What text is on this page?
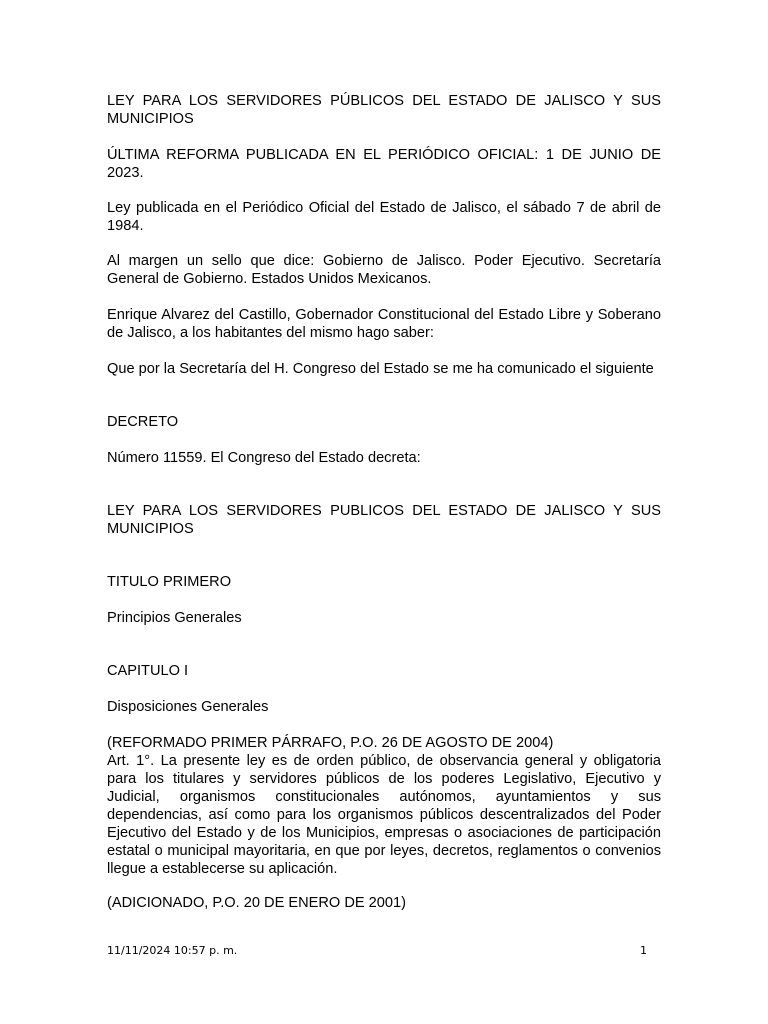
LEY PARA LOS SERVIDORES PÚBLICOS DEL ESTADO DE JALISCO Y SUS MUNICIPIOS

ÚLTIMA REFORMA PUBLICADA EN EL PERIÓDICO OFICIAL: 1 DE JUNIO DE 2023.

Ley publicada en el Periódico Oficial del Estado de Jalisco, el sábado 7 de abril de 1984.

Al margen un sello que dice: Gobierno de Jalisco. Poder Ejecutivo. Secretaría General de Gobierno. Estados Unidos Mexicanos.

Enrique Alvarez del Castillo, Gobernador Constitucional del Estado Libre y Soberano de Jalisco, a los habitantes del mismo hago saber:

Que por la Secretaría del H. Congreso del Estado se me ha comunicado el siguiente

DECRETO

Número 11559. El Congreso del Estado decreta:

LEY PARA LOS SERVIDORES PUBLICOS DEL ESTADO DE JALISCO Y SUS MUNICIPIOS

TITULO PRIMERO

Principios Generales

CAPITULO I

Disposiciones Generales

(REFORMADO PRIMER PÁRRAFO, P.O. 26 DE AGOSTO DE 2004)

Art. 1°. La presente ley es de orden público, de observancia general y obligatoria para los titulares y servidores públicos de los poderes Legislativo, Ejecutivo y Judicial, organismos constitucionales autónomos, ayuntamientos y sus dependencias, así como para los organismos públicos descentralizados del Poder Ejecutivo del Estado y de los Municipios, empresas o asociaciones de participación estatal o municipal mayoritaria, en que por leyes, decretos, reglamentos o convenios llegue a establecerse su aplicación.

(ADICIONADO, P.O. 20 DE ENERO DE 2001)

11/11/2024 10:57 p. m.	1
